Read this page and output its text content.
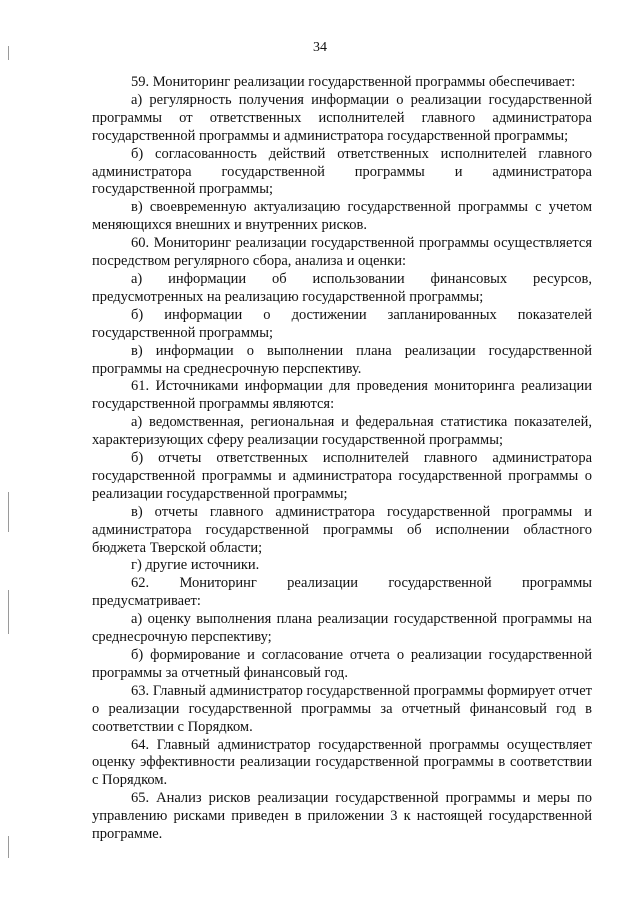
34

59. Мониторинг реализации государственной программы обеспечивает:

а) регулярность получения информации о реализации государственной программы от ответственных исполнителей главного администратора государственной программы и администратора государственной программы;

б) согласованность действий ответственных исполнителей главного администратора государственной программы и администратора государственной программы;

в) своевременную актуализацию государственной программы с учетом меняющихся внешних и внутренних рисков.

60. Мониторинг реализации государственной программы осуществляется посредством регулярного сбора, анализа и оценки:

а) информации об использовании финансовых ресурсов, предусмотренных на реализацию государственной программы;

б) информации о достижении запланированных показателей государственной программы;

в) информации о выполнении плана реализации государственной программы на среднесрочную перспективу.

61. Источниками информации для проведения мониторинга реализации государственной программы являются:

а) ведомственная, региональная и федеральная статистика показателей, характеризующих сферу реализации государственной программы;

б) отчеты ответственных исполнителей главного администратора государственной программы и администратора государственной программы о реализации государственной программы;

в) отчеты главного администратора государственной программы и администратора государственной программы об исполнении областного бюджета Тверской области;

г) другие источники.

62. Мониторинг реализации государственной программы предусматривает:

а) оценку выполнения плана реализации государственной программы на среднесрочную перспективу;

б) формирование и согласование отчета о реализации государственной программы за отчетный финансовый год.

63. Главный администратор государственной программы формирует отчет о реализации государственной программы за отчетный финансовый год в соответствии с Порядком.

64. Главный администратор государственной программы осуществляет оценку эффективности реализации государственной программы в соответствии с Порядком.

65. Анализ рисков реализации государственной программы и меры по управлению рисками приведен в приложении 3 к настоящей государственной программе.
